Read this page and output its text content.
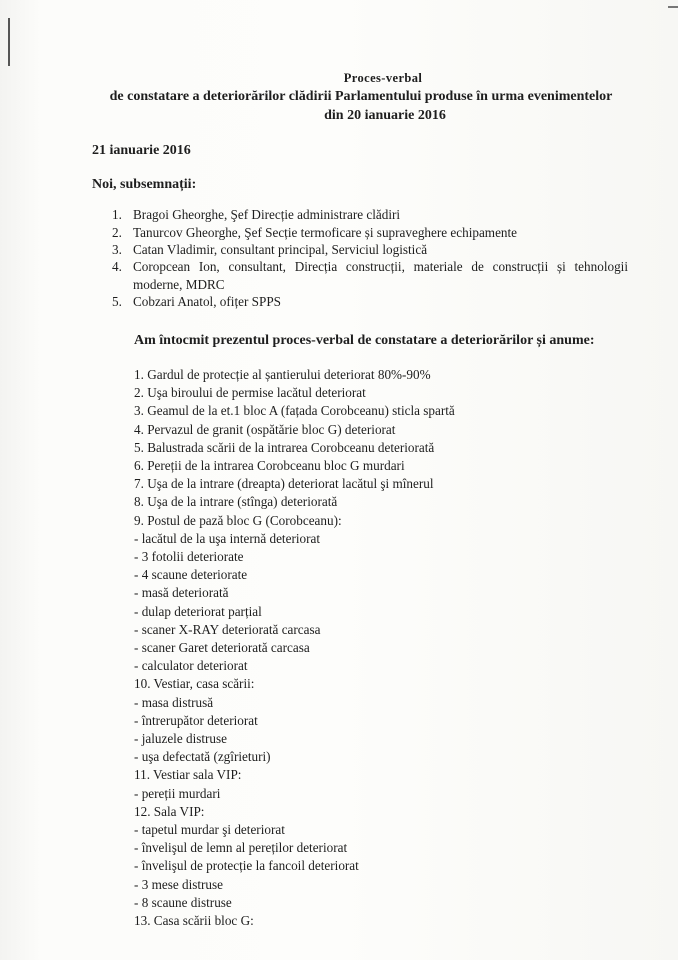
Proces-verbal
de constatare a deteriorărilor clădirii Parlamentului produse în urma evenimentelor
din 20 ianuarie 2016
21 ianuarie 2016
Noi, subsemnații:
1. Bragoi Gheorghe, Şef Direcție administrare clădiri
2. Tanurcov Gheorghe, Şef Secție termoficare și supraveghere echipamente
3. Catan Vladimir, consultant principal, Serviciul logistică
4. Coropcean Ion, consultant, Direcția construcții, materiale de construcții și tehnologii moderne, MDRC
5. Cobzari Anatol, ofițer SPPS
Am întocmit prezentul proces-verbal de constatare a deteriorărilor și anume:
1. Gardul de protecție al șantierului deteriorat 80%-90%
2. Uşa biroului de permise lacătul deteriorat
3. Geamul de la et.1 bloc A (fațada Corobceanu) sticla spartă
4. Pervazul de granit (ospătărie bloc G) deteriorat
5. Balustrada scării de la intrarea Corobceanu deteriorată
6. Pereții de la intrarea Corobceanu bloc G murdari
7. Uşa de la intrare (dreapta) deteriorat lacătul şi mînerul
8. Uşa de la intrare (stînga) deteriorată
9. Postul de pază bloc G (Corobceanu):
- lacătul de la uşa internă deteriorat
- 3 fotolii deteriorate
- 4 scaune deteriorate
- masă deteriorată
- dulap deteriorat parțial
- scaner X-RAY deteriorată carcasa
- scaner Garet deteriorată carcasa
- calculator deteriorat
10. Vestiar, casa scării:
- masa distrusă
- întrerupător deteriorat
- jaluzele distruse
- uşa defectată (zgîrieturi)
11. Vestiar sala VIP:
- pereții murdari
12. Sala VIP:
- tapetul murdar şi deteriorat
- învelişul de lemn al pereților deteriorat
- învelişul de protecție la fancoil deteriorat
- 3 mese distruse
- 8 scaune distruse
13. Casa scării bloc G:
